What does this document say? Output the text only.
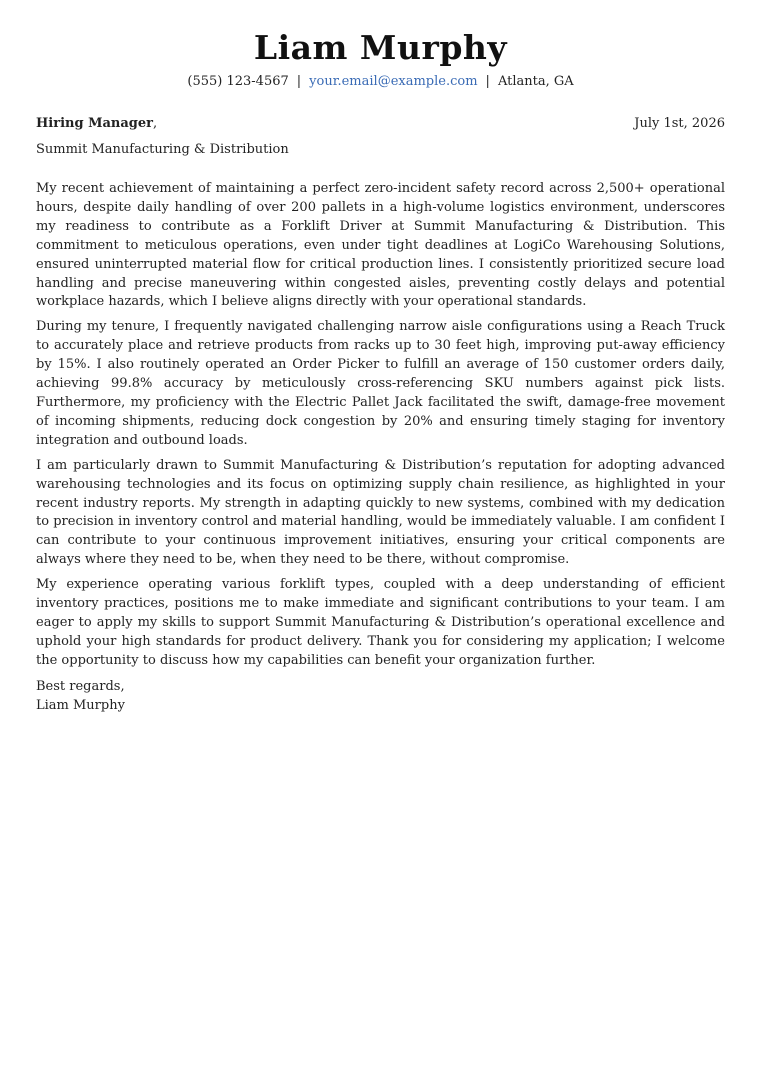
Liam Murphy
(555) 123-4567 | your.email@example.com | Atlanta, GA
Hiring Manager,	July 1st, 2026
Summit Manufacturing & Distribution

My recent achievement of maintaining a perfect zero-incident safety record across 2,500+ operational hours, despite daily handling of over 200 pallets in a high-volume logistics environment, underscores my readiness to contribute as a Forklift Driver at Summit Manufacturing & Distribution. This commitment to meticulous operations, even under tight deadlines at LogiCo Warehousing Solutions, ensured uninterrupted material flow for critical production lines. I consistently prioritized secure load handling and precise maneuvering within congested aisles, preventing costly delays and potential workplace hazards, which I believe aligns directly with your operational standards.

During my tenure, I frequently navigated challenging narrow aisle configurations using a Reach Truck to accurately place and retrieve products from racks up to 30 feet high, improving put-away efficiency by 15%. I also routinely operated an Order Picker to fulfill an average of 150 customer orders daily, achieving 99.8% accuracy by meticulously cross-referencing SKU numbers against pick lists. Furthermore, my proficiency with the Electric Pallet Jack facilitated the swift, damage-free movement of incoming shipments, reducing dock congestion by 20% and ensuring timely staging for inventory integration and outbound loads.

I am particularly drawn to Summit Manufacturing & Distribution’s reputation for adopting advanced warehousing technologies and its focus on optimizing supply chain resilience, as highlighted in your recent industry reports. My strength in adapting quickly to new systems, combined with my dedication to precision in inventory control and material handling, would be immediately valuable. I am confident I can contribute to your continuous improvement initiatives, ensuring your critical components are always where they need to be, when they need to be there, without compromise.

My experience operating various forklift types, coupled with a deep understanding of efficient inventory practices, positions me to make immediate and significant contributions to your team. I am eager to apply my skills to support Summit Manufacturing & Distribution’s operational excellence and uphold your high standards for product delivery. Thank you for considering my application; I welcome the opportunity to discuss how my capabilities can benefit your organization further.

Best regards,
Liam Murphy
